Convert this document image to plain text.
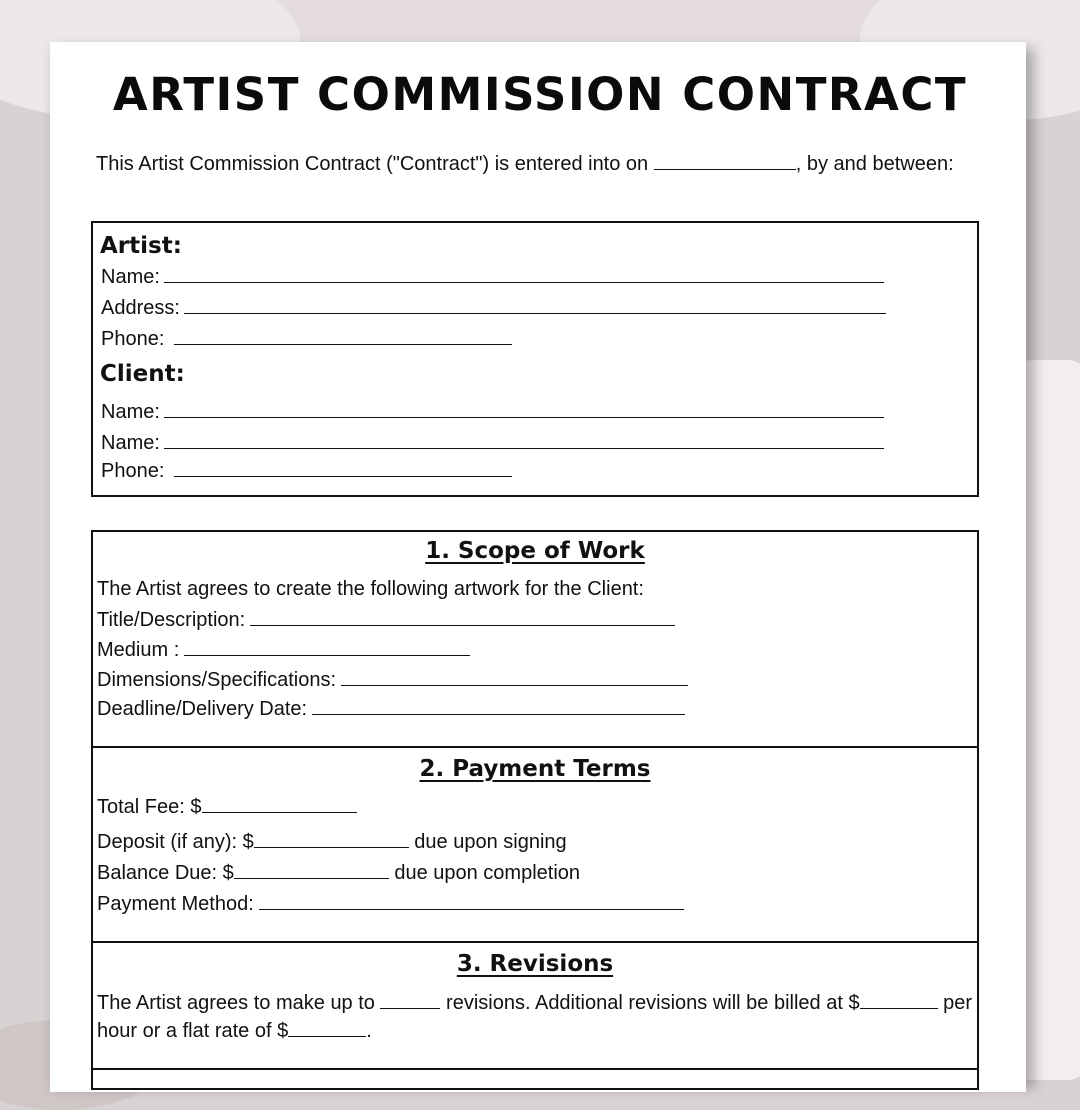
ARTIST COMMISSION CONTRACT

This Artist Commission Contract ("Contract") is entered into on	, by and between:

Artist:
Name:
Address:
Phone:
Client:
Name:
Name:
Phone:
1. Scope of Work
The Artist agrees to create the following artwork for the Client:
Title/Description:
Medium :
Dimensions/Specifications:
Deadline/Delivery Date:
2. Payment Terms
Total Fee: $
Deposit (if any): $	due upon signing
Balance Due: $	due upon completion
Payment Method:
3. Revisions

The Artist agrees to make up to	revisions. Additional revisions will be billed at $	per hour or a flat rate of $	.
